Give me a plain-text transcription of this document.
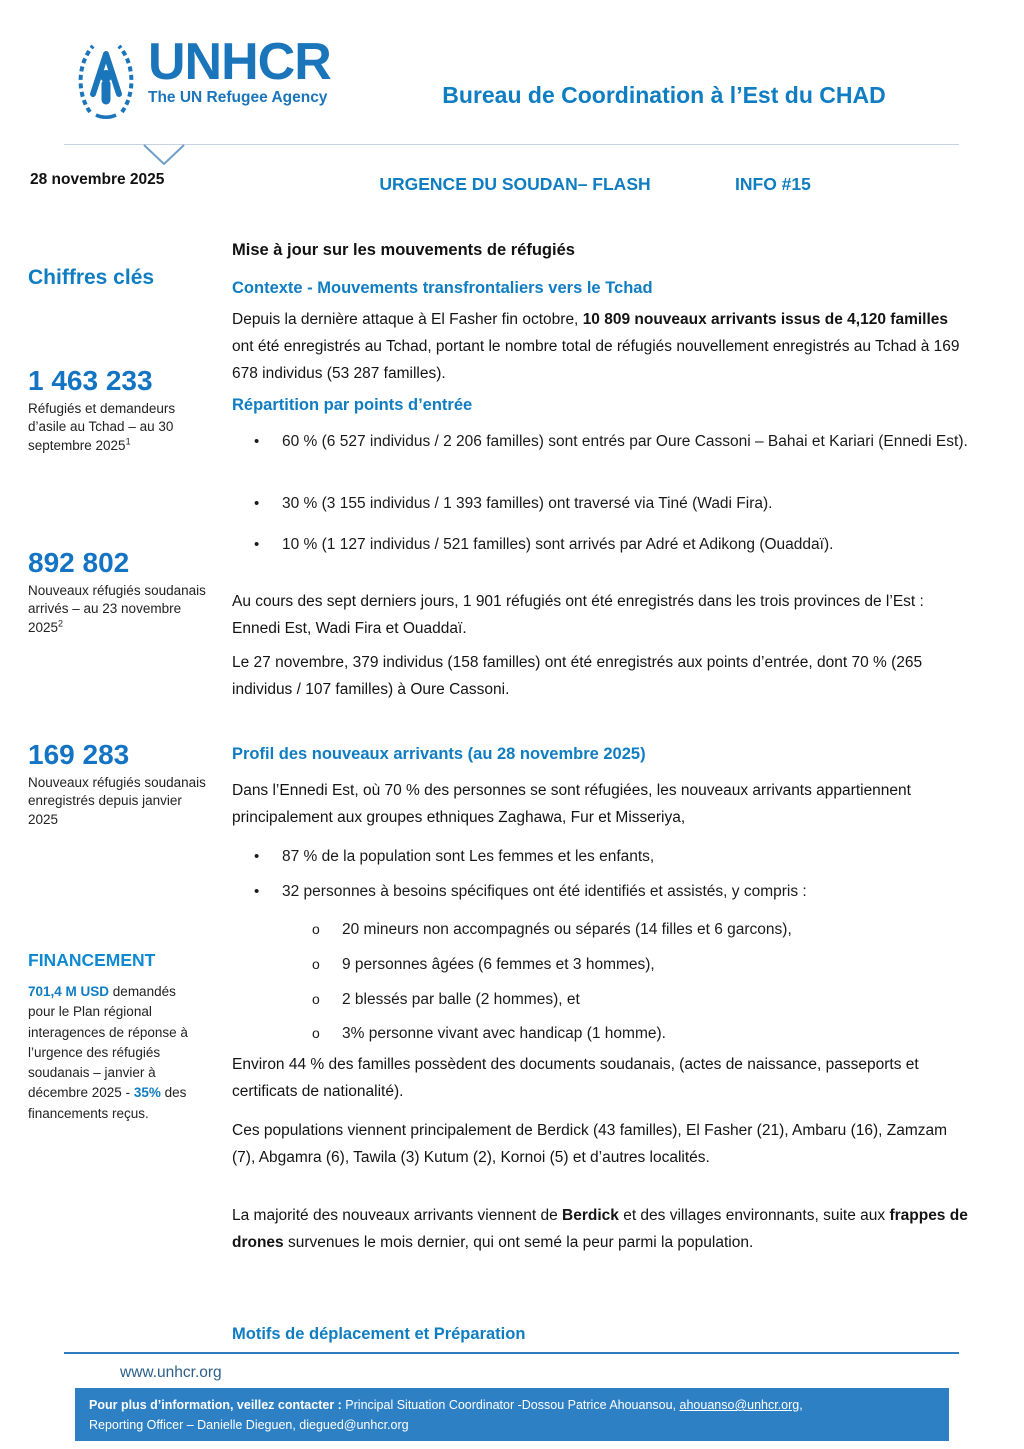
UNHCR
The UN Refugee Agency	Bureau de Coordination à l’Est du CHAD
28 novembre 2025	URGENCE DU SOUDAN– FLASH	INFO #15
Chiffres clés
1 463 233
Réfugiés et demandeurs d’asile au Tchad – au 30 septembre 2025$^1$
892 802
Nouveaux réfugiés soudanais arrivés – au 23 novembre 2025$^2$
169 283
Nouveaux réfugiés soudanais enregistrés depuis janvier 2025
FINANCEMENT
701,4 M USD demandés pour le Plan régional interagences de réponse à l’urgence des réfugiés soudanais – janvier à décembre 2025 - 35% des financements reçus.
Mise à jour sur les mouvements de réfugiés
Contexte - Mouvements transfrontaliers vers le Tchad
Depuis la dernière attaque à El Fasher fin octobre, 10 809 nouveaux arrivants issus de 4,120 familles ont été enregistrés au Tchad, portant le nombre total de réfugiés nouvellement enregistrés au Tchad à 169 678 individus (53 287 familles).
Répartition par points d’entrée
• 60 % (6 527 individus / 2 206 familles) sont entrés par Oure Cassoni – Bahai et Kariari (Ennedi Est).
• 30 % (3 155 individus / 1 393 familles) ont traversé via Tiné (Wadi Fira).
• 10 % (1 127 individus / 521 familles) sont arrivés par Adré et Adikong (Ouaddaï).
Au cours des sept derniers jours, 1 901 réfugiés ont été enregistrés dans les trois provinces de l’Est : Ennedi Est, Wadi Fira et Ouaddaï.
Le 27 novembre, 379 individus (158 familles) ont été enregistrés aux points d’entrée, dont 70 % (265 individus / 107 familles) à Oure Cassoni.
Profil des nouveaux arrivants (au 28 novembre 2025)
Dans l’Ennedi Est, où 70 % des personnes se sont réfugiées, les nouveaux arrivants appartiennent principalement aux groupes ethniques Zaghawa, Fur et Misseriya,
• 87 % de la population sont Les femmes et les enfants,
• 32 personnes à besoins spécifiques ont été identifiés et assistés, y compris :
o 20 mineurs non accompagnés ou séparés (14 filles et 6 garcons),
o 9 personnes âgées (6 femmes et 3 hommes),
o 2 blessés par balle (2 hommes), et
o 3% personne vivant avec handicap (1 homme).
Environ 44 % des familles possèdent des documents soudanais, (actes de naissance, passeports et certificats de nationalité).
Ces populations viennent principalement de Berdick (43 familles), El Fasher (21), Ambaru (16), Zamzam (7), Abgamra (6), Tawila (3) Kutum (2), Kornoi (5) et d’autres localités.
La majorité des nouveaux arrivants viennent de Berdick et des villages environnants, suite aux frappes de drones survenues le mois dernier, qui ont semé la peur parmi la population.
Motifs de déplacement et Préparation
www.unhcr.org
Pour plus d’information, veillez contacter : Principal Situation Coordinator -Dossou Patrice Ahouansou, ahouanso@unhcr.org,
Reporting Officer – Danielle Dieguen, diegued@unhcr.org
